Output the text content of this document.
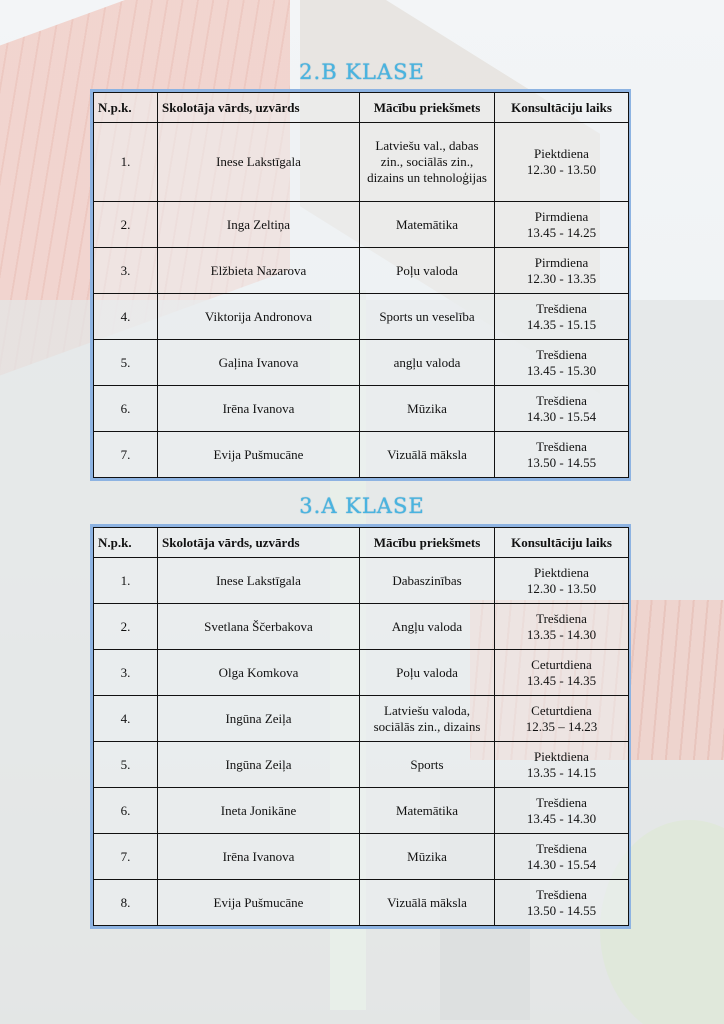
2.B KLASE
N.p.k.	Skolotāja vārds, uzvārds	Mācību priekšmets	Konsultāciju laiks
1.	Inese Lakstīgala	Latviešu val., dabas zin., sociālās zin., dizains un tehnoloģijas	Piektdiena
12.30 - 13.50
2.	Inga Zeltiņa	Matemātika	Pirmdiena
13.45 - 14.25
3.	Elžbieta Nazarova	Poļu valoda	Pirmdiena
12.30 - 13.35
4.	Viktorija Andronova	Sports un veselība	Trešdiena
14.35 - 15.15
5.	Gaļina Ivanova	angļu valoda	Trešdiena
13.45 - 15.30
6.	Irēna Ivanova	Mūzika	Trešdiena
14.30 - 15.54
7.	Evija Pušmucāne	Vizuālā māksla	Trešdiena
13.50 - 14.55
3.A KLASE
N.p.k.	Skolotāja vārds, uzvārds	Mācību priekšmets	Konsultāciju laiks
1.	Inese Lakstīgala	Dabaszinības	Piektdiena
12.30 - 13.50
2.	Svetlana Ščerbakova	Angļu valoda	Trešdiena
13.35 - 14.30
3.	Olga Komkova	Poļu valoda	Ceturtdiena
13.45 - 14.35
4.	Ingūna Zeiļa	Latviešu valoda, sociālās zin., dizains	Ceturtdiena
12.35 – 14.23
5.	Ingūna Zeiļa	Sports	Piektdiena
13.35 - 14.15
6.	Ineta Jonikāne	Matemātika	Trešdiena
13.45 - 14.30
7.	Irēna Ivanova	Mūzika	Trešdiena
14.30 - 15.54
8.	Evija Pušmucāne	Vizuālā māksla	Trešdiena
13.50 - 14.55
